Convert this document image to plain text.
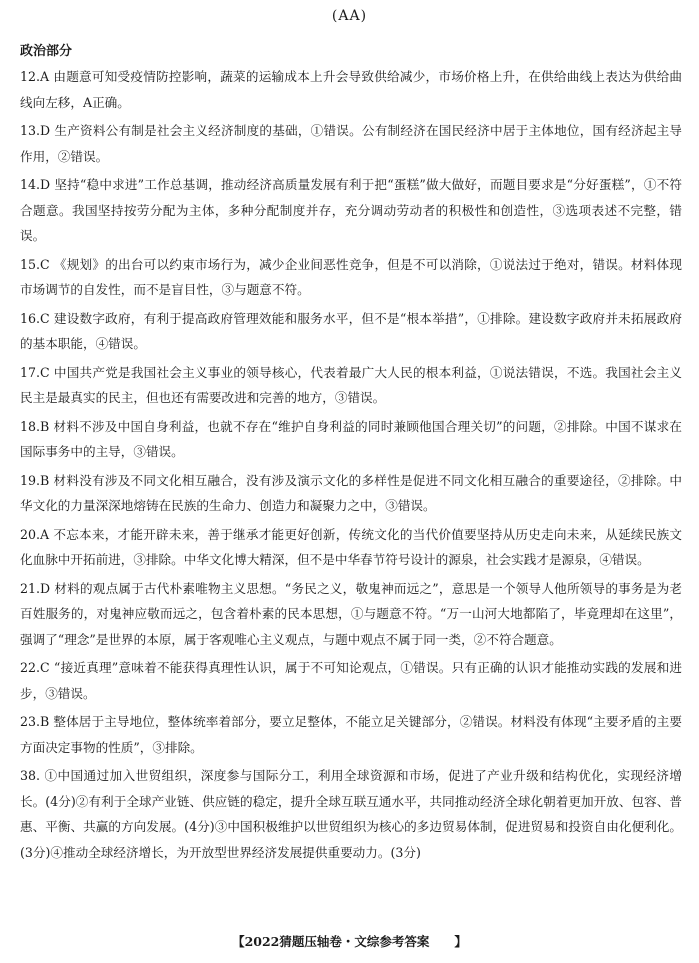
(AA)
政治部分
12.A 由题意可知受疫情防控影响，蔬菜的运输成本上升会导致供给减少，市场价格上升，在供给曲线上表达为供给曲线向左移，A正确。
13.D 生产资料公有制是社会主义经济制度的基础，①错误。公有制经济在国民经济中居于主体地位，国有经济起主导作用，②错误。
14.D 坚持“稳中求进”工作总基调，推动经济高质量发展有利于把“蛋糕”做大做好，而题目要求是“分好蛋糕”，①不符合题意。我国坚持按劳分配为主体，多种分配制度并存，充分调动劳动者的积极性和创造性，③选项表述不完整，错误。
15.C 《规划》的出台可以约束市场行为，减少企业间恶性竞争，但是不可以消除，①说法过于绝对，错误。材料体现市场调节的自发性，而不是盲目性，③与题意不符。
16.C 建设数字政府，有利于提高政府管理效能和服务水平，但不是“根本举措”，①排除。建设数字政府并未拓展政府的基本职能，④错误。
17.C 中国共产党是我国社会主义事业的领导核心，代表着最广大人民的根本利益，①说法错误，不选。我国社会主义民主是最真实的民主，但也还有需要改进和完善的地方，③错误。
18.B 材料不涉及中国自身利益，也就不存在“维护自身利益的同时兼顾他国合理关切”的问题，②排除。中国不谋求在国际事务中的主导，③错误。
19.B 材料没有涉及不同文化相互融合，没有涉及演示文化的多样性是促进不同文化相互融合的重要途径，②排除。中华文化的力量深深地熔铸在民族的生命力、创造力和凝聚力之中，③错误。
20.A 不忘本来，才能开辟未来，善于继承才能更好创新，传统文化的当代价值要坚持从历史走向未来，从延续民族文化血脉中开拓前进，③排除。中华文化博大精深，但不是中华春节符号设计的源泉，社会实践才是源泉，④错误。
21.D 材料的观点属于古代朴素唯物主义思想。“务民之义，敬鬼神而远之”，意思是一个领导人他所领导的事务是为老百姓服务的，对鬼神应敬而远之，包含着朴素的民本思想，①与题意不符。“万一山河大地都陷了，毕竟理却在这里”，强调了“理念”是世界的本原，属于客观唯心主义观点，与题中观点不属于同一类，②不符合题意。
22.C “接近真理”意味着不能获得真理性认识，属于不可知论观点，①错误。只有正确的认识才能推动实践的发展和进步，③错误。
23.B 整体居于主导地位，整体统率着部分，要立足整体，不能立足关键部分，②错误。材料没有体现“主要矛盾的主要方面决定事物的性质”，③排除。
38. ①中国通过加入世贸组织，深度参与国际分工，利用全球资源和市场，促进了产业升级和结构优化，实现经济增长。(4分)②有利于全球产业链、供应链的稳定，提升全球互联互通水平，共同推动经济全球化朝着更加开放、包容、普惠、平衡、共赢的方向发展。(4分)③中国积极维护以世贸组织为核心的多边贸易体制，促进贸易和投资自由化便利化。(3分)④推动全球经济增长，为开放型世界经济发展提供重要动力。(3分)
【2022猜题压轴卷・文综参考答案　　】
